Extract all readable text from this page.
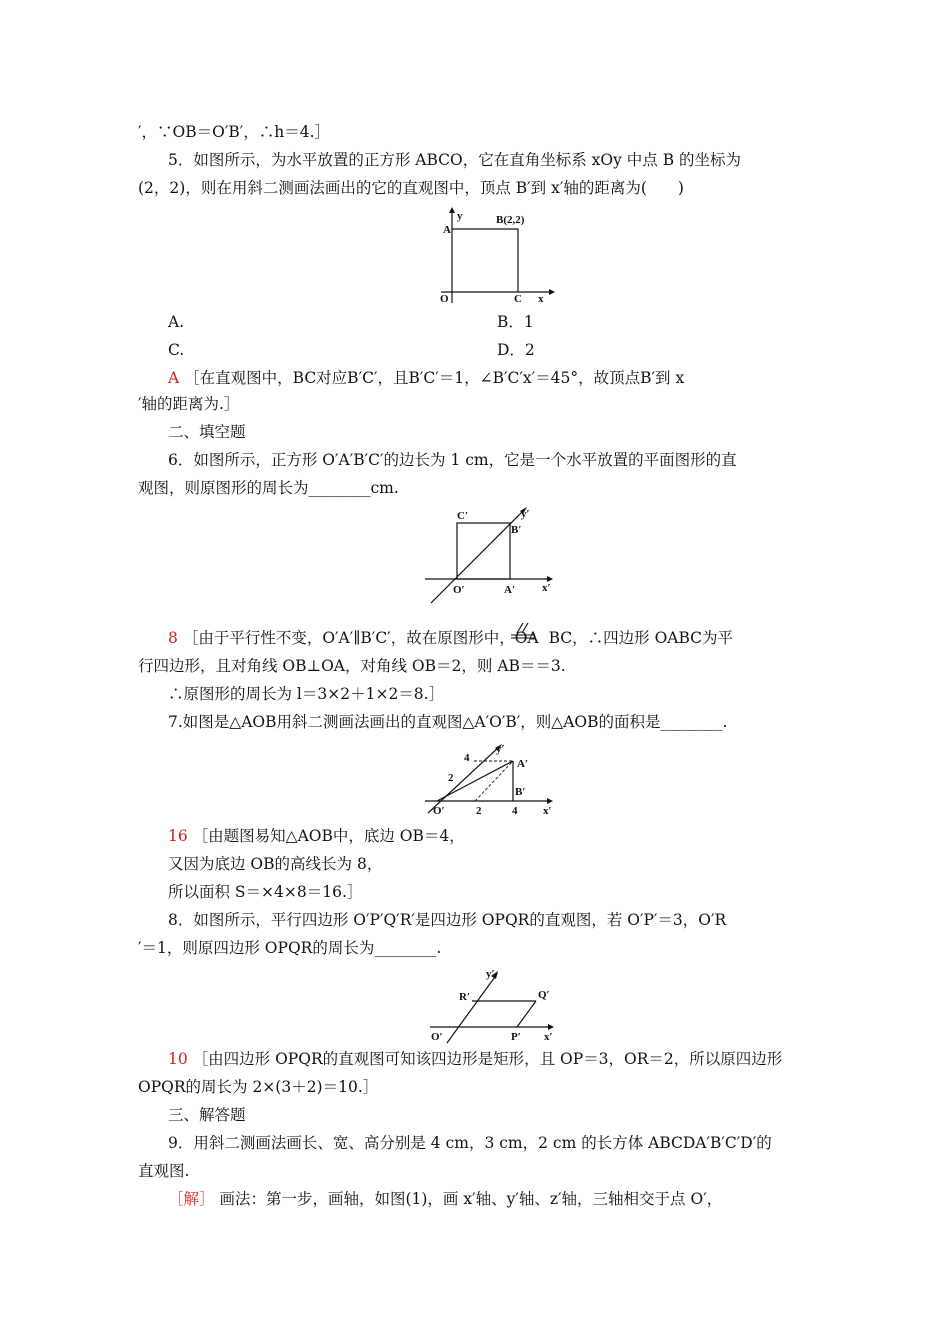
′，∵OB＝O′B′，∴h＝4.］
5．如图所示，为水平放置的正方形 ABCO，它在直角坐标系 xOy 中点 B 的坐标为
(2，2)，则在用斜二测画法画出的它的直观图中，顶点 B′到 x′轴的距离为(　　)
A
y	B(2,2)
O	C x
A.	B．1
C.	D．2
A ［在直观图中，BC对应B′C′，且B′C′＝1，∠B′C′x′＝45°，故顶点B′到 x
′轴的距离为.］
二、填空题
6．如图所示，正方形 O′A′B′C′的边长为 1 cm，它是一个水平放置的平面图形的直
观图，则原图形的周长为________cm.
C′	y′
B′
O′	A′ x′
8 ［由于平行性不变，O′A′∥B′C′，故在原图形中，OA BC，∴四边形 OABC为平
行四边形，且对角线 OB⊥OA，对角线 OB＝2，则 AB＝＝3.
∴原图形的周长为 l＝3×2＋1×2＝8.］
7.如图是△AOB用斜二测画法画出的直观图△A′O′B′，则△AOB的面积是________.
4
y′
A′
2
B′
O′	2	4 x′
16 ［由题图易知△AOB中，底边 OB＝4，
又因为底边 OB的高线长为 8，
所以面积 S＝×4×8＝16.］
8．如图所示，平行四边形 O′P′Q′R′是四边形 OPQR的直观图，若 O′P′＝3，O′R
′＝1，则原四边形 OPQR的周长为________.
y′
R′	Q′
O′	P′ x′
10 ［由四边形 OPQR的直观图可知该四边形是矩形，且 OP＝3，OR＝2，所以原四边形
OPQR的周长为 2×(3＋2)＝10.］
三、解答题
9．用斜二测画法画长、宽、高分别是 4 cm，3 cm，2 cm 的长方体 ABCDA′B′C′D′的
直观图.
［解］ 画法：第一步，画轴，如图(1)，画 x′轴、y′轴、z′轴，三轴相交于点 O′，
